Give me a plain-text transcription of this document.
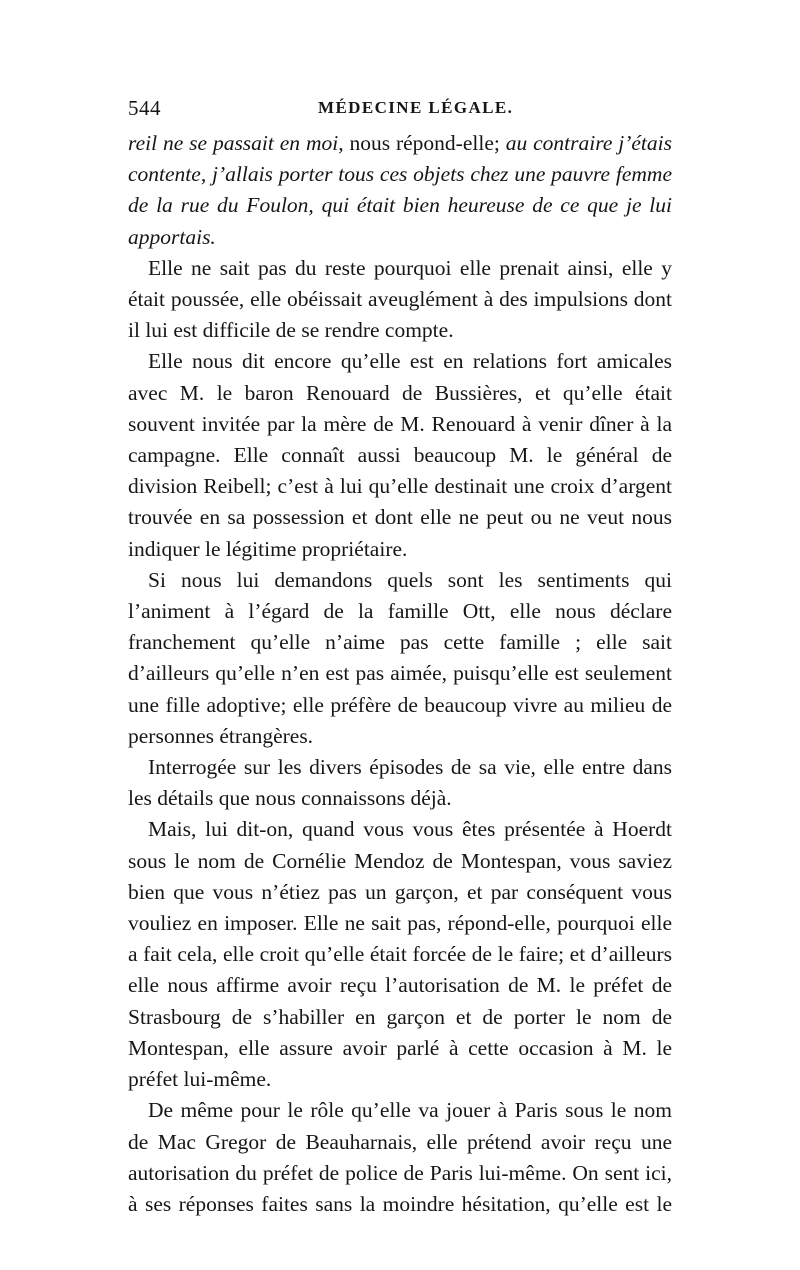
544	MÉDECINE LÉGALE.

reil ne se passait en moi, nous répond-elle; au contraire j’étais contente, j’allais porter tous ces objets chez une pauvre femme de la rue du Foulon, qui était bien heureuse de ce que je lui apportais.

Elle ne sait pas du reste pourquoi elle prenait ainsi, elle y était poussée, elle obéissait aveuglément à des impulsions dont il lui est difficile de se rendre compte.

Elle nous dit encore qu’elle est en relations fort amicales avec M. le baron Renouard de Bussières, et qu’elle était souvent invitée par la mère de M. Renouard à venir dîner à la campagne. Elle connaît aussi beaucoup M. le général de division Reibell; c’est à lui qu’elle destinait une croix d’argent trouvée en sa possession et dont elle ne peut ou ne veut nous indiquer le légitime propriétaire.

Si nous lui demandons quels sont les sentiments qui l’animent à l’égard de la famille Ott, elle nous déclare franchement qu’elle n’aime pas cette famille ; elle sait d’ailleurs qu’elle n’en est pas aimée, puisqu’elle est seulement une fille adoptive; elle préfère de beaucoup vivre au milieu de personnes étrangères.

Interrogée sur les divers épisodes de sa vie, elle entre dans les détails que nous connaissons déjà.

Mais, lui dit-on, quand vous vous êtes présentée à Hoerdt sous le nom de Cornélie Mendoz de Montespan, vous saviez bien que vous n’étiez pas un garçon, et par conséquent vous vouliez en imposer. Elle ne sait pas, répond-elle, pourquoi elle a fait cela, elle croit qu’elle était forcée de le faire; et d’ailleurs elle nous affirme avoir reçu l’autorisation de M. le préfet de Strasbourg de s’habiller en garçon et de porter le nom de Montespan, elle assure avoir parlé à cette occasion à M. le préfet lui-même.

De même pour le rôle qu’elle va jouer à Paris sous le nom de Mac Gregor de Beauharnais, elle prétend avoir reçu une autorisation du préfet de police de Paris lui-même. On sent ici, à ses réponses faites sans la moindre hésitation, qu’elle est le
